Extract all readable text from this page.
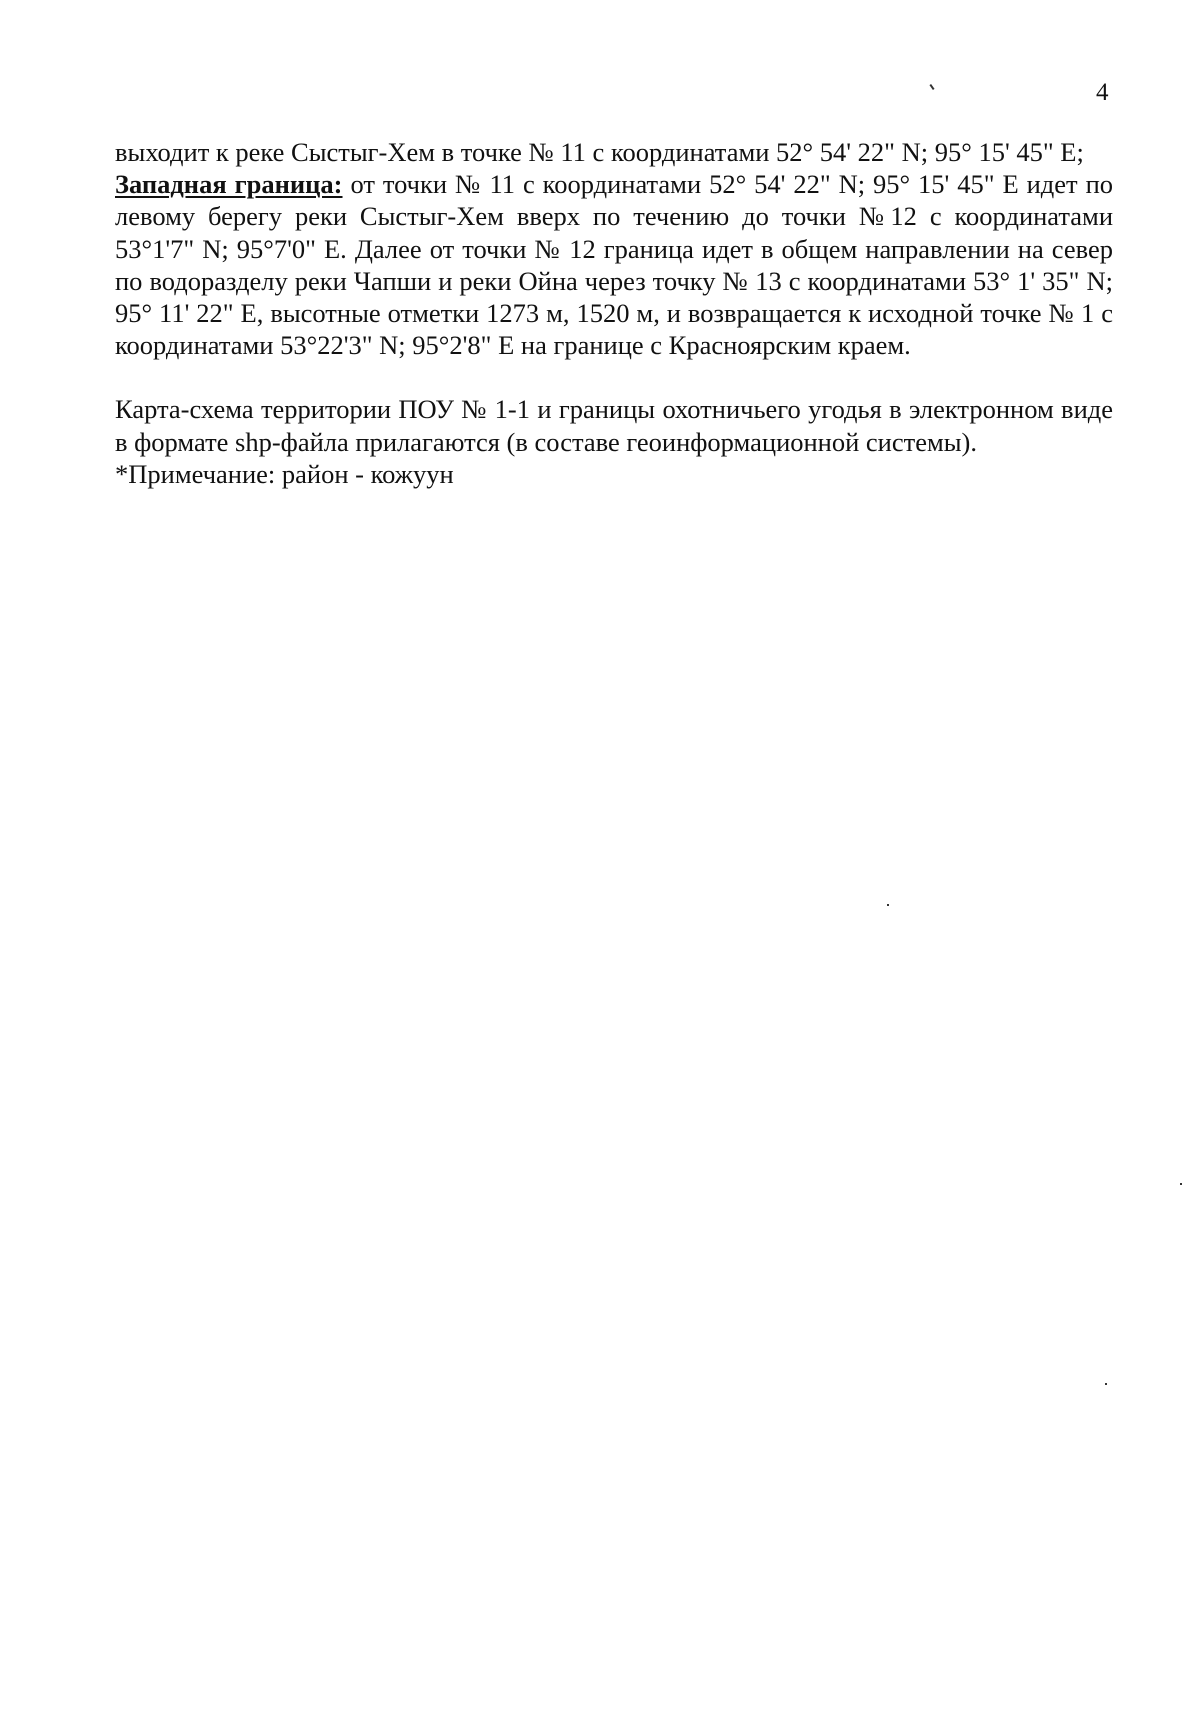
4

выходит к реке Сыстыг-Хем в точке № 11 с координатами 52° 54' 22" N; 95° 15' 45" E;

Западная граница: от точки № 11 с координатами 52° 54' 22" N; 95° 15' 45" E идет по левому берегу реки Сыстыг-Хем вверх по течению до точки №12 с координатами 53°1'7" N; 95°7'0" E. Далее от точки № 12 граница идет в общем направлении на север по водоразделу реки Чапши и реки Ойна через точку № 13 с координатами 53° 1' 35" N; 95° 11' 22" E, высотные отметки 1273 м, 1520 м, и возвращается к исходной точке № 1 с координатами 53°22'3" N; 95°2'8" E на границе с Красноярским краем.

Карта-схема территории ПОУ № 1-1 и границы охотничьего угодья в электронном виде в формате shp-файла прилагаются (в составе геоинформационной системы).

*Примечание: район - кожуун
